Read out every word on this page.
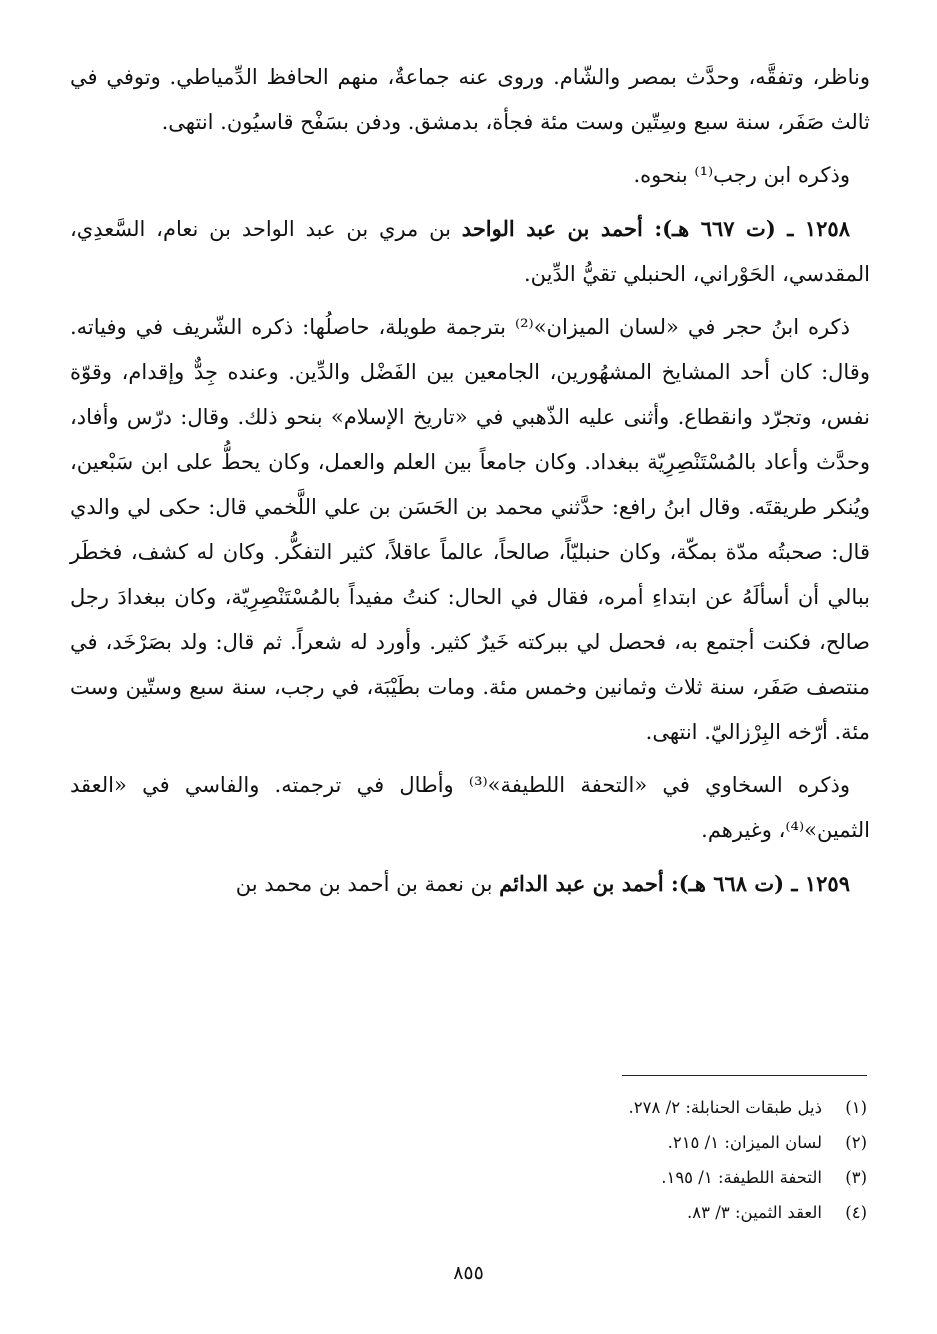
وناظر، وتفقَّه، وحدَّث بمصر والشّام. وروى عنه جماعةٌ، منهم الحافظ الدِّمياطي. وتوفي في ثالث صَفَر، سنة سبع وسِتّين وست مئة فجأة، بدمشق. ودفن بسَفْح قاسيُون. انتهى.

وذكره ابن رجب⁽¹⁾ بنحوه.

١٢٥٨ ـ (ت ٦٦٧ هـ): أحمد بن عبد الواحد بن مري بن عبد الواحد بن نعام، السَّعدِي، المقدسي، الحَوْراني، الحنبلي تقيُّ الدِّين.

ذكره ابنُ حجر في «لسان الميزان»⁽²⁾ بترجمة طويلة، حاصلُها: ذكره الشّريف في وفياته. وقال: كان أحد المشايخ المشهُورين، الجامعين بين الفَضْل والدِّين. وعنده جِدٌّ وإقدام، وقوّة نفس، وتجرّد وانقطاع. وأثنى عليه الذّهبي في «تاريخ الإسلام» بنحو ذلك. وقال: درّس وأفاد، وحدَّث وأعاد بالمُسْتَنْصِرِيّة ببغداد. وكان جامعاً بين العلم والعمل، وكان يحطُّ على ابن سَبْعين، ويُنكر طريقتَه. وقال ابنُ رافع: حدَّثني محمد بن الحَسَن بن علي اللَّخمي قال: حكى لي والدي قال: صحبتُه مدّة بمكّة، وكان حنبليّاً، صالحاً، عالماً عاقلاً، كثير التفكُّر. وكان له كشف، فخطَر ببالي أن أسألَهُ عن ابتداءِ أمره، فقال في الحال: كنتُ مفيداً بالمُسْتَنْصِرِيّة، وكان ببغدادَ رجل صالح، فكنت أجتمع به، فحصل لي ببركته خَيرٌ كثير. وأورد له شعراً. ثم قال: ولد بصَرْخَد، في منتصف صَفَر، سنة ثلاث وثمانين وخمس مئة. ومات بطَيْبَة، في رجب، سنة سبع وستّين وست مئة. أرّخه البِرْزاليّ. انتهى.

وذكره السخاوي في «التحفة اللطيفة»⁽³⁾ وأطال في ترجمته. والفاسي في «العقد الثمين»⁽⁴⁾، وغيرهم.

١٢٥٩ ـ (ت ٦٦٨ هـ): أحمد بن عبد الدائم بن نعمة بن أحمد بن محمد بن

(١)ذيل طبقات الحنابلة: ٢/ ٢٧٨.
(٢)لسان الميزان: ١/ ٢١٥.
(٣)التحفة اللطيفة: ١/ ١٩٥.
(٤)العقد الثمين: ٣/ ٨٣.
٨٥٥
